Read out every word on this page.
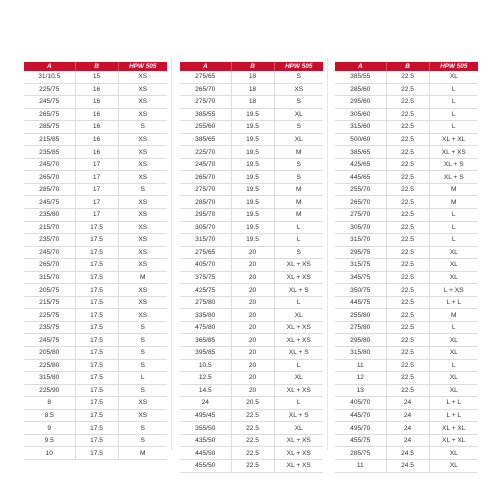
A	B	HPW 505
31/10.5	15	XS
225/75	16	XS
245/75	16	XS
265/75	16	XS
285/75	16	S
215/85	16	XS
235/85	16	XS
245/70	17	XS
265/70	17	XS
285/70	17	S
245/75	17	XS
235/80	17	XS
215/70	17.5	XS
235/70	17.5	XS
245/70	17.5	XS
265/70	17.5	XS
315/70	17.5	M
205/75	17.5	XS
215/75	17.5	XS
225/75	17.5	XS
235/75	17.5	S
245/75	17.5	S
205/80	17.5	S
225/80	17.5	S
315/80	17.5	L
225/90	17.5	S
8	17.5	XS
8.5	17.5	XS
9	17.5	S
9.5	17.5	S
10	17.5	M
A	B	HPW 505
275/65	18	S
265/70	18	XS
275/70	18	S
385/55	19.5	XL
255/60	19.5	S
385/65	19.5	XL
225/70	19.5	M
245/70	19.5	S
265/70	19.5	S
275/70	19.5	M
285/70	19.5	M
295/70	19.5	M
305/70	19.5	L
315/70	19.5	L
275/65	20	S
405/70	20	XL + XS
375/75	20	XL + XS
425/75	20	XL + S
275/80	20	L
335/80	20	XL
475/80	20	XL + XS
365/85	20	XL + XS
395/85	20	XL + S
10.5	20	L
12.5	20	XL
14.5	20	XL + XS
24	20.5	L
495/45	22.5	XL + S
355/50	22.5	XL
435/50	22.5	XL + XS
445/50	22.5	XL + XS
455/50	22.5	XL + XS
A	B	HPW 505
385/55	22.5	XL
285/60	22.5	L
295/60	22.5	L
305/60	22.5	L
315/60	22.5	L
500/60	22.5	XL + XL
385/65	22.5	XL + XS
425/65	22.5	XL + S
445/65	22.5	XL + S
255/70	22.5	M
265/70	22.5	M
275/70	22.5	L
305/70	22.5	L
315/70	22.5	L
295/75	22.5	XL
315/75	22.5	XL
345/75	22.5	XL
350/75	22.5	L + XS
445/75	22.5	L + L
255/80	22.5	M
275/80	22.5	L
295/80	22.5	XL
315/80	22.5	XL
11	22.5	L
12	22.5	XL
13	22.5	XL
405/70	24	L + L
445/70	24	L + L
495/70	24	XL + XL
455/75	24	XL + XL
285/75	24.5	XL
11	24.5	XL
